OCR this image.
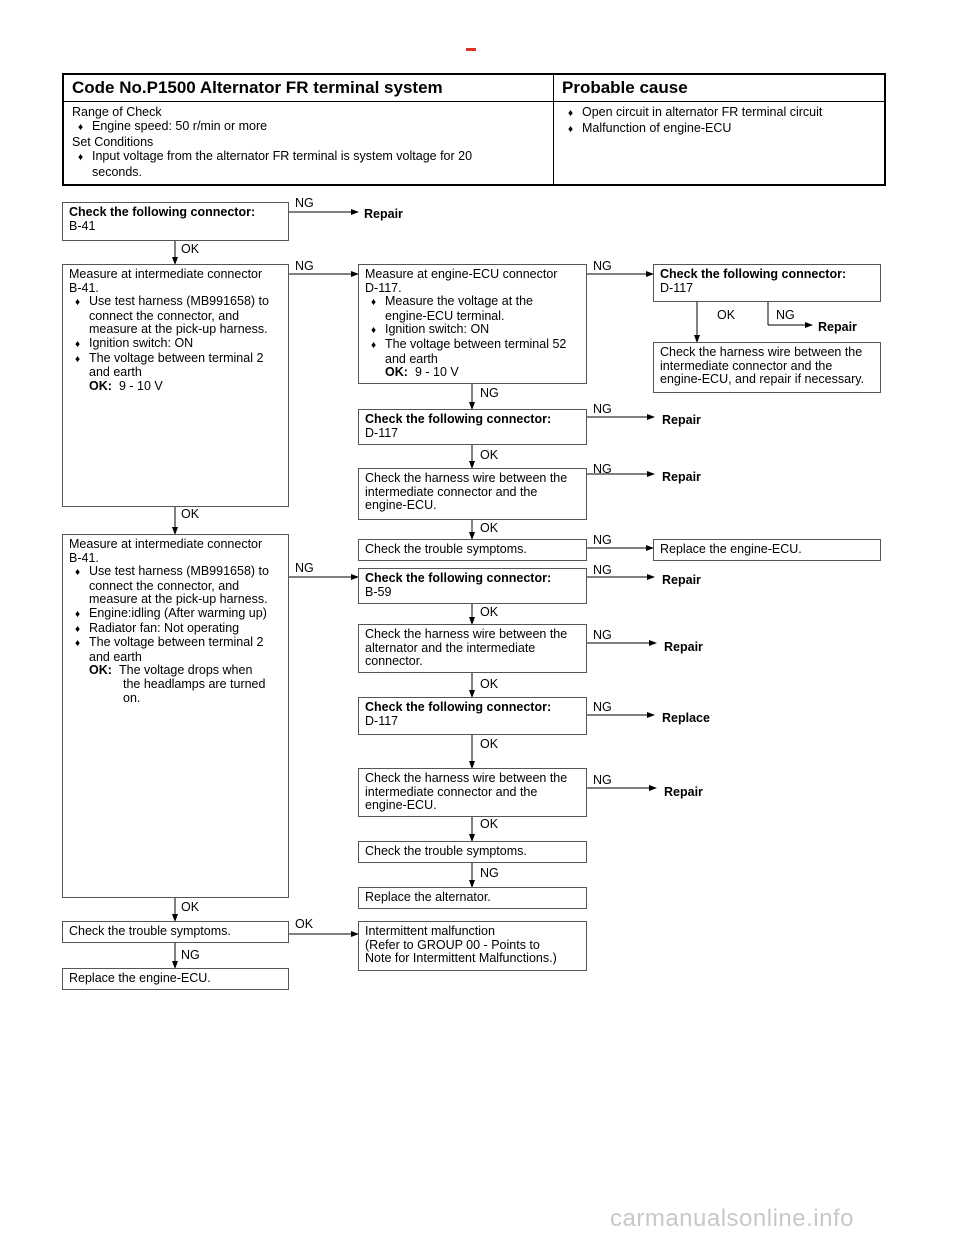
Code No.P1500 Alternator FR terminal system	Probable cause

Range of Check
♦ Engine speed: 50 r/min or more
Set Conditions
♦ Input voltage from the alternator FR terminal is system voltage for 20 seconds.	♦ Open circuit in alternator FR terminal circuit
♦ Malfunction of engine-ECU
Check the following connector:
B-41
Measure at intermediate connector
B-41.
♦ Use test harness (MB991658) to
connect the connector, and
measure at the pick-up harness.
♦ Ignition switch: ON
♦ The voltage between terminal 2
and earth
OK: 9 - 10 V
Measure at engine-ECU connector
D-117.
♦ Measure the voltage at the
engine-ECU terminal.
♦ Ignition switch: ON
♦ The voltage between terminal 52
and earth
OK: 9 - 10 V
Check the following connector:
D-117
Check the harness wire between the
intermediate connector and the
engine-ECU, and repair if necessary.
Check the following connector:
D-117
Check the harness wire between the
intermediate connector and the
engine-ECU.
Check the trouble symptoms.	Replace the engine-ECU.
Measure at intermediate connector
B-41.
♦ Use test harness (MB991658) to
connect the connector, and
measure at the pick-up harness.
♦ Engine:idling (After warming up)
♦ Radiator fan: Not operating
♦ The voltage between terminal 2
and earth
OK: The voltage drops when
the headlamps are turned
on.
Check the following connector:
B-59
Check the harness wire between the
alternator and the intermediate
connector.
Check the following connector:
D-117
Check the harness wire between the
intermediate connector and the
engine-ECU.
Check the trouble symptoms.
Replace the alternator.
Check the trouble symptoms.	Intermittent malfunction
(Refer to GROUP 00 - Points to
Note for Intermittent Malfunctions.)
Replace the engine-ECU.
Repair
Repair
Repair
Repair
Repair
Repair
Replace
Repair
NG
OK
NG	NG
OK	NG
NG
NG
OK
NG
OK
OK
NG
NG	NG
OK
NG
OK
NG
OK
NG
OK
NG
OK
OK
NG
carmanualsonline.info
